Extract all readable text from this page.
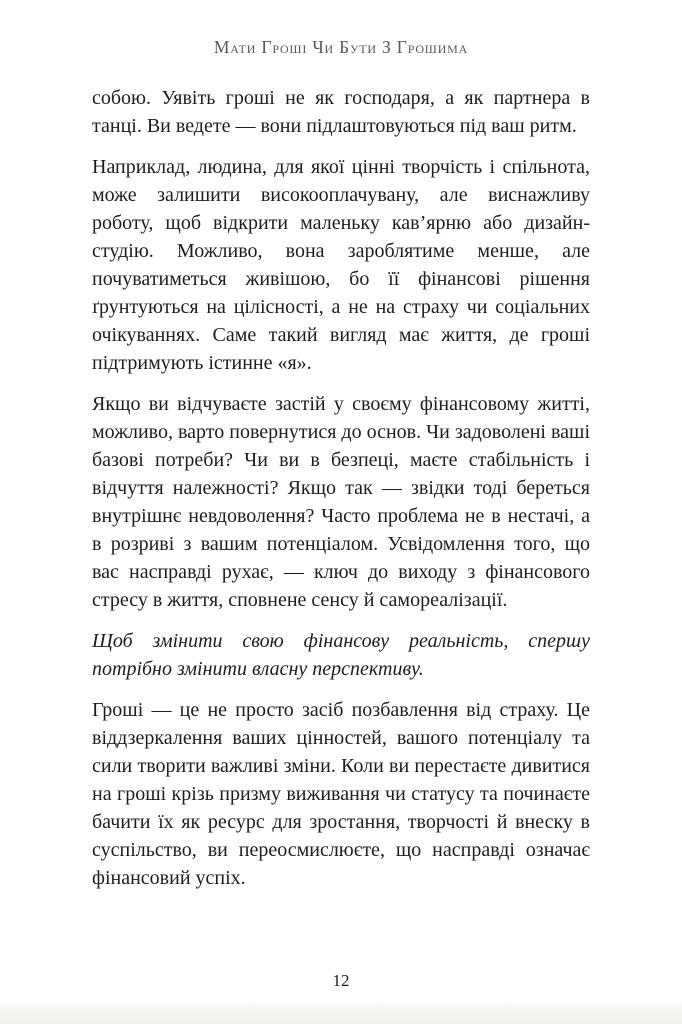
Мати Гроші Чи Бути З Грошима

собою. Уявіть гроші не як господаря, а як партнера в танці. Ви ведете — вони підлаштовуються під ваш ритм.

Наприклад, людина, для якої цінні творчість і спільнота, може залишити високооплачувану, але виснажливу роботу, щоб відкрити маленьку кав’ярню або дизайн-студію. Можливо, вона зароблятиме менше, але почуватиметься живішою, бо її фінансові рішення ґрунтуються на цілісності, а не на страху чи соціальних очікуваннях. Саме такий вигляд має життя, де гроші підтримують істинне «я».

Якщо ви відчуваєте застій у своєму фінансовому житті, можливо, варто повернутися до основ. Чи задоволені ваші базові потреби? Чи ви в безпеці, маєте стабільність і відчуття належності? Якщо так — звідки тоді береться внутрішнє невдоволення? Часто проблема не в нестачі, а в розриві з вашим потенціалом. Усвідомлення того, що вас насправді рухає, — ключ до виходу з фінансового стресу в життя, сповнене сенсу й самореалізації.

Щоб змінити свою фінансову реальність, спершу потрібно змінити власну перспективу.

Гроші — це не просто засіб позбавлення від страху. Це віддзеркалення ваших цінностей, вашого потенціалу та сили творити важливі зміни. Коли ви перестаєте дивитися на гроші крізь призму виживання чи статусу та починаєте бачити їх як ресурс для зростання, творчості й внеску в суспільство, ви переосмислюєте, що насправді означає фінансовий успіх.

12
